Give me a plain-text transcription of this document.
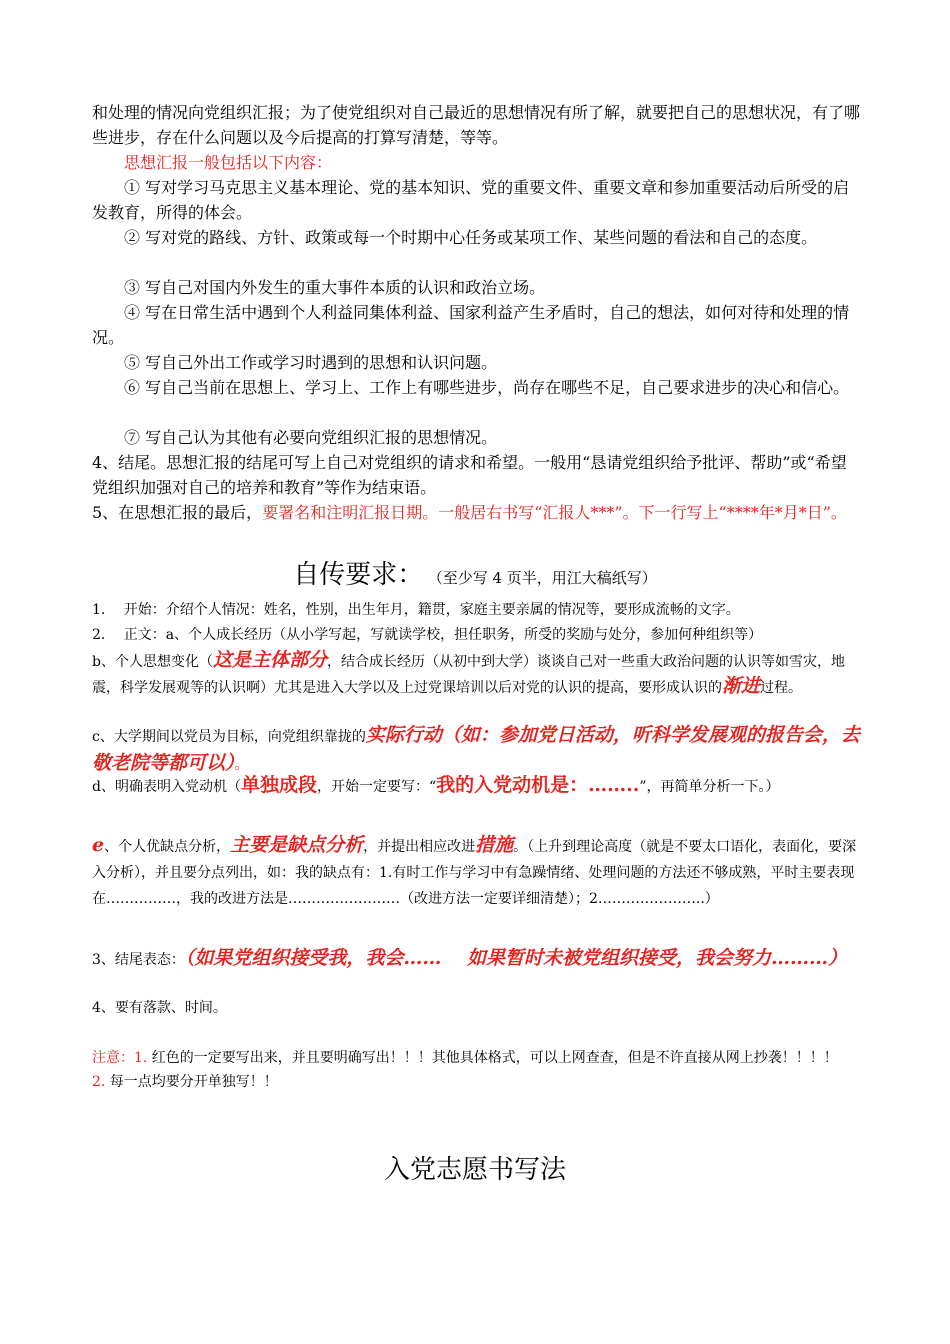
和处理的情况向党组织汇报；为了使党组织对自己最近的思想情况有所了解，就要把自己的思想状况，有了哪些进步，存在什么问题以及今后提高的打算写清楚，等等。
思想汇报一般包括以下内容：
① 写对学习马克思主义基本理论、党的基本知识、党的重要文件、重要文章和参加重要活动后所受的启发教育，所得的体会。
② 写对党的路线、方针、政策或每一个时期中心任务或某项工作、某些问题的看法和自己的态度。
③ 写自己对国内外发生的重大事件本质的认识和政治立场。
④ 写在日常生活中遇到个人利益同集体利益、国家利益产生矛盾时，自己的想法，如何对待和处理的情况。
⑤ 写自己外出工作或学习时遇到的思想和认识问题。
⑥ 写自己当前在思想上、学习上、工作上有哪些进步，尚存在哪些不足，自己要求进步的决心和信心。
⑦ 写自己认为其他有必要向党组织汇报的思想情况。
4、结尾。思想汇报的结尾可写上自己对党组织的请求和希望。一般用“恳请党组织给予批评、帮助”或“希望党组织加强对自己的培养和教育”等作为结束语。
5、在思想汇报的最后，要署名和注明汇报日期。一般居右书写“汇报人***”。下一行写上“****年*月*日”。
自传要求： （至少写 4 页半，用江大稿纸写）
1.　 开始：介绍个人情况：姓名，性别，出生年月，籍贯，家庭主要亲属的情况等，要形成流畅的文字。
2.　 正文：a、个人成长经历（从小学写起，写就读学校，担任职务，所受的奖励与处分，参加何种组织等）
b、个人思想变化（这是主体部分，结合成长经历（从初中到大学）谈谈自己对一些重大政治问题的认识等如雪灾，地震，科学发展观等的认识啊）尤其是进入大学以及上过党课培训以后对党的认识的提高，要形成认识的渐进过程。
c、大学期间以党员为目标，向党组织靠拢的实际行动（如：参加党日活动，听科学发展观的报告会，去敬老院等都可以）。
d、明确表明入党动机（单独成段，开始一定要写：“我的入党动机是：……..”，再简单分析一下。）
e、个人优缺点分析，主要是缺点分析，并提出相应改进措施。（上升到理论高度（就是不要太口语化，表面化，要深入分析），并且要分点列出，如：我的缺点有：1.有时工作与学习中有急躁情绪、处理问题的方法还不够成熟，平时主要表现在……………，我的改进方法是……………………（改进方法一定要详细清楚）；2…………………..）
3、结尾表态：（如果党组织接受我，我会……　 如果暂时未被党组织接受，我会努力………）
4、要有落款、时间。
注意：1. 红色的一定要写出来，并且要明确写出！！！其他具体格式，可以上网查查，但是不许直接从网上抄袭！！！！
2. 每一点均要分开单独写！！
入党志愿书写法
